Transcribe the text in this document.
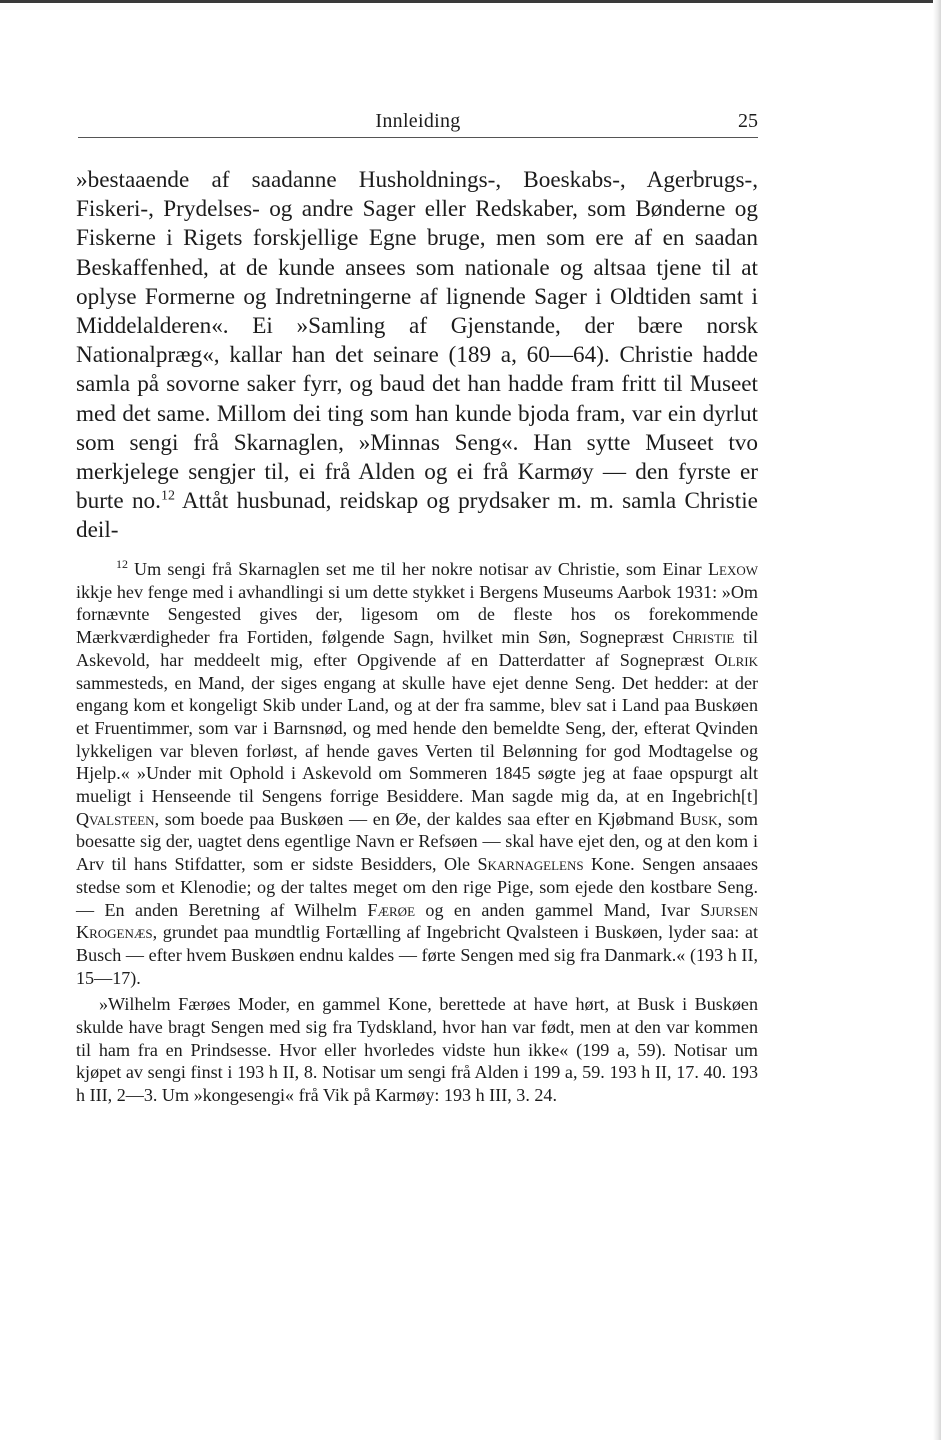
Innleiding	25

»bestaaende af saadanne Husholdnings-, Boeskabs-, Agerbrugs-, Fiskeri-, Prydelses- og andre Sager eller Redskaber, som Bønderne og Fiskerne i Rigets forskjellige Egne bruge, men som ere af en saadan Beskaffenhed, at de kunde ansees som nationale og altsaa tjene til at oplyse Formerne og Indretningerne af lignende Sager i Oldtiden samt i Middelalderen«. Ei »Samling af Gjenstande, der bære norsk Nationalpræg«, kallar han det seinare (189 a, 60—64). Christie hadde samla på sovorne saker fyrr, og baud det han hadde fram fritt til Museet med det same. Millom dei ting som han kunde bjoda fram, var ein dyrlut som sengi frå Skarnaglen, »Minnas Seng«. Han sytte Museet tvo merkjelege sengjer til, ei frå Alden og ei frå Karmøy — den fyrste er burte no.$^{12}$ Attåt husbunad, reidskap og prydsaker m. m. samla Christie deil-

$^{12}$ Um sengi frå Skarnaglen set me til her nokre notisar av Christie, som Einar Lexow ikkje hev fenge med i avhandlingi si um dette stykket i Bergens Museums Aarbok 1931: »Om fornævnte Sengested gives der, ligesom om de fleste hos os forekommende Mærkværdigheder fra Fortiden, følgende Sagn, hvilket min Søn, Sognepræst Christie til Askevold, har meddeelt mig, efter Opgivende af en Datterdatter af Sognepræst Olrik sammesteds, en Mand, der siges engang at skulle have ejet denne Seng. Det hedder: at der engang kom et kongeligt Skib under Land, og at der fra samme, blev sat i Land paa Buskøen et Fruentimmer, som var i Barnsnød, og med hende den bemeldte Seng, der, efterat Qvinden lykkeligen var bleven forløst, af hende gaves Verten til Belønning for god Modtagelse og Hjelp.« »Under mit Ophold i Askevold om Sommeren 1845 søgte jeg at faae opspurgt alt mueligt i Henseende til Sengens forrige Besiddere. Man sagde mig da, at en Ingebrich[t] Qvalsteen, som boede paa Buskøen — en Øe, der kaldes saa efter en Kjøbmand Busk, som boesatte sig der, uagtet dens egentlige Navn er Refsøen — skal have ejet den, og at den kom i Arv til hans Stifdatter, som er sidste Besidders, Ole Skarnagelens Kone. Sengen ansaaes stedse som et Klenodie; og der taltes meget om den rige Pige, som ejede den kostbare Seng. — En anden Beretning af Wilhelm Færøe og en anden gammel Mand, Ivar Sjursen Krogenæs, grundet paa mundtlig Fortælling af Ingebricht Qvalsteen i Buskøen, lyder saa: at Busch — efter hvem Buskøen endnu kaldes — førte Sengen med sig fra Danmark.« (193 h II, 15—17).

»Wilhelm Færøes Moder, en gammel Kone, berettede at have hørt, at Busk i Buskøen skulde have bragt Sengen med sig fra Tydskland, hvor han var født, men at den var kommen til ham fra en Prindsesse. Hvor eller hvorledes vidste hun ikke« (199 a, 59). Notisar um kjøpet av sengi finst i 193 h II, 8. Notisar um sengi frå Alden i 199 a, 59. 193 h II, 17. 40. 193 h III, 2—3. Um »kongesengi« frå Vik på Karmøy: 193 h III, 3. 24.
